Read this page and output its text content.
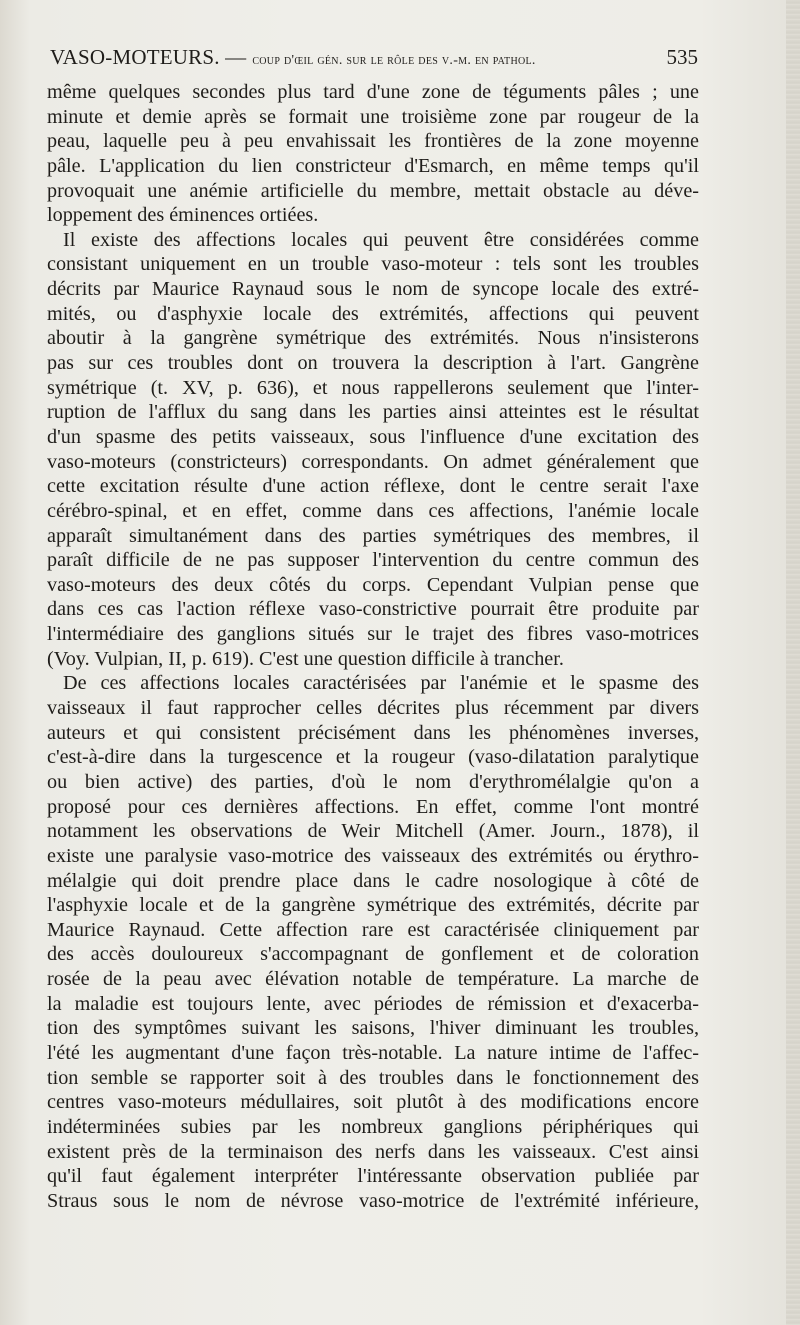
VASO-MOTEURS. — coup d'œil gén. sur le rôle des v.-m. en pathol.	535
même quelques secondes plus tard d'une zone de téguments pâles ; une
minute et demie après se formait une troisième zone par rougeur de la
peau, laquelle peu à peu envahissait les frontières de la zone moyenne
pâle. L'application du lien constricteur d'Esmarch, en même temps qu'il
provoquait une anémie artificielle du membre, mettait obstacle au déve-
loppement des éminences ortiées.
Il existe des affections locales qui peuvent être considérées comme
consistant uniquement en un trouble vaso-moteur : tels sont les troubles
décrits par Maurice Raynaud sous le nom de syncope locale des extré-
mités, ou d'asphyxie locale des extrémités, affections qui peuvent
aboutir à la gangrène symétrique des extrémités. Nous n'insisterons
pas sur ces troubles dont on trouvera la description à l'art. Gangrène
symétrique (t. XV, p. 636), et nous rappellerons seulement que l'inter-
ruption de l'afflux du sang dans les parties ainsi atteintes est le résultat
d'un spasme des petits vaisseaux, sous l'influence d'une excitation des
vaso-moteurs (constricteurs) correspondants. On admet généralement que
cette excitation résulte d'une action réflexe, dont le centre serait l'axe
cérébro-spinal, et en effet, comme dans ces affections, l'anémie locale
apparaît simultanément dans des parties symétriques des membres, il
paraît difficile de ne pas supposer l'intervention du centre commun des
vaso-moteurs des deux côtés du corps. Cependant Vulpian pense que
dans ces cas l'action réflexe vaso-constrictive pourrait être produite par
l'intermédiaire des ganglions situés sur le trajet des fibres vaso-motrices
(Voy. Vulpian, II, p. 619). C'est une question difficile à trancher.
De ces affections locales caractérisées par l'anémie et le spasme des
vaisseaux il faut rapprocher celles décrites plus récemment par divers
auteurs et qui consistent précisément dans les phénomènes inverses,
c'est-à-dire dans la turgescence et la rougeur (vaso-dilatation paralytique
ou bien active) des parties, d'où le nom d'erythromélalgie qu'on a
proposé pour ces dernières affections. En effet, comme l'ont montré
notamment les observations de Weir Mitchell (Amer. Journ., 1878), il
existe une paralysie vaso-motrice des vaisseaux des extrémités ou érythro-
mélalgie qui doit prendre place dans le cadre nosologique à côté de
l'asphyxie locale et de la gangrène symétrique des extrémités, décrite par
Maurice Raynaud. Cette affection rare est caractérisée cliniquement par
des accès douloureux s'accompagnant de gonflement et de coloration
rosée de la peau avec élévation notable de température. La marche de
la maladie est toujours lente, avec périodes de rémission et d'exacerba-
tion des symptômes suivant les saisons, l'hiver diminuant les troubles,
l'été les augmentant d'une façon très-notable. La nature intime de l'affec-
tion semble se rapporter soit à des troubles dans le fonctionnement des
centres vaso-moteurs médullaires, soit plutôt à des modifications encore
indéterminées subies par les nombreux ganglions périphériques qui
existent près de la terminaison des nerfs dans les vaisseaux. C'est ainsi
qu'il faut également interpréter l'intéressante observation publiée par
Straus sous le nom de névrose vaso-motrice de l'extrémité inférieure,
